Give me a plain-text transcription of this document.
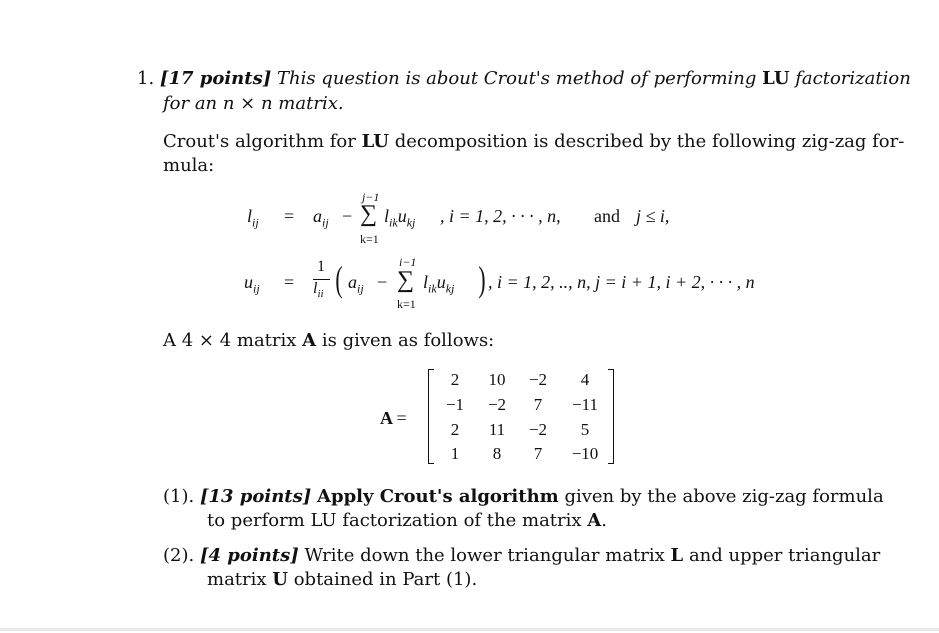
1. [17 points] This question is about Crout's method of performing LU factorization
for an n × n matrix.
Crout's algorithm for LU decomposition is described by the following zig-zag for-
mula:
$l_{ij} = a_{ij}$ −
j−1
∑
k=1
$l_{ik}u_{kj}$ , i = 1, 2, · · · , n, and j ≤ i,
$u_{ij}$ =
1
$l_{ii}$ ( $a_{ij}$ −
i−1
∑
k=1
$l_{ik}u_{kj}$ ) , i = 1, 2, .., n, j = i + 1, i + 2, · · · , n
A 4 × 4 matrix A is given as follows:
A =
2	10	−2	4
−1	−2	7	−11
2	11	−2	5
1	8	7	−10
(1). [13 points] Apply Crout's algorithm given by the above zig-zag formula
to perform LU factorization of the matrix A.
(2). [4 points] Write down the lower triangular matrix L and upper triangular
matrix U obtained in Part (1).
